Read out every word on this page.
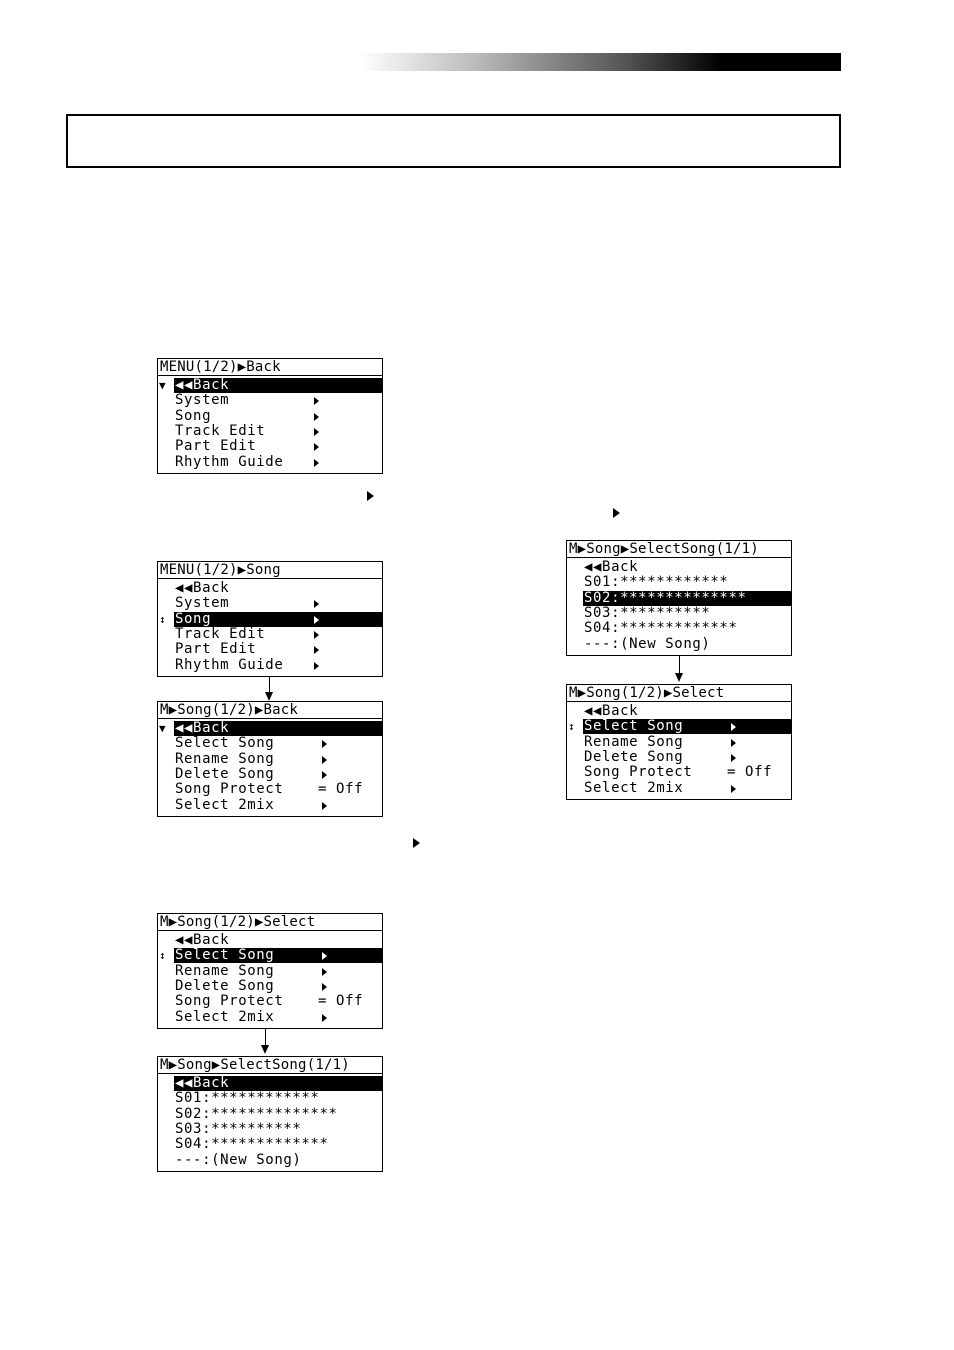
MENU(1/2)▶Back
▼ ◀◀Back
System
Song
Track Edit
Part Edit
Rhythm Guide
MENU(1/2)▶Song
◀◀Back
System
↕ Song
Track Edit
Part Edit
Rhythm Guide
M▶Song(1/2)▶Back
▼ ◀◀Back
Select Song
Rename Song
Delete Song
Song Protect = Off
Select 2mix
M▶Song(1/2)▶Select
◀◀Back
↕ Select Song
Rename Song
Delete Song
Song Protect = Off
Select 2mix
M▶Song▶SelectSong(1/1)
◀◀Back
S01:************
S02:**************
S03:**********
S04:*************
---:(New Song)
M▶Song▶SelectSong(1/1)
◀◀Back
S01:************
S02:**************
S03:**********
S04:*************
---:(New Song)
M▶Song(1/2)▶Select
◀◀Back
↕ Select Song
Rename Song
Delete Song
Song Protect = Off
Select 2mix
